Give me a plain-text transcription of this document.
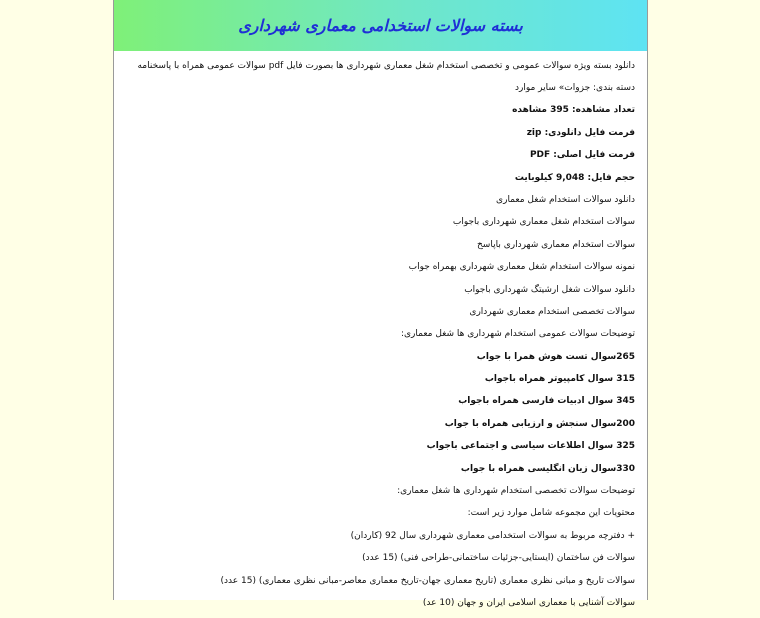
بسته سوالات استخدامی معماری شهرداری
دانلود بسته ویژه سوالات عمومی و تخصصی استخدام شغل معماری شهرداری ها بصورت فایل pdf سوالات عمومی همراه با پاسخنامه
دسته بندی: جزوات» سایر موارد
تعداد مشاهده: 395 مشاهده
فرمت فایل دانلودی: zip
فرمت فایل اصلی: PDF
حجم فایل: 9,048 کیلوبایت
دانلود سوالات استخدام شغل معماری
سوالات استخدام شغل معماری شهرداری باجواب
سوالات استخدام معماری شهرداری باپاسخ
نمونه سوالات استخدام شغل معماری شهرداری بهمراه جواب
دانلود سوالات شغل ارشیتگ شهرداری باجواب
سوالات تخصصی استخدام معماری شهرداری
توضیحات سوالات عمومی استخدام شهرداری ها شغل معماری:
265سوال تست هوش همرا با جواب
315 سوال کامپیوتر همراه باجواب
345 سوال ادبیات فارسی همراه باجواب
200سوال سنجش و ارزیابی همراه با جواب
325 سوال اطلاعات سیاسی و اجتماعی باجواب
330سوال زبان انگلیسی همراه با جواب
توضیحات سوالات تخصصی استخدام شهرداری ها شغل معماری:
محتویات این مجموعه شامل موارد زیر است:
+ دفترچه مربوط به سوالات استخدامی معماری شهرداری سال 92 (کاردان)
سوالات فن ساختمان (ایستایی-جزئیات ساختمانی-طراحی فنی) (15 عدد)
سوالات تاریخ و مبانی نظری معماری (تاریخ معماری جهان-تاریخ معماری معاصر-مبانی نظری معماری) (15 عدد)
سوالات آشنایی با معماری اسلامی ایران و جهان (10 عد)
